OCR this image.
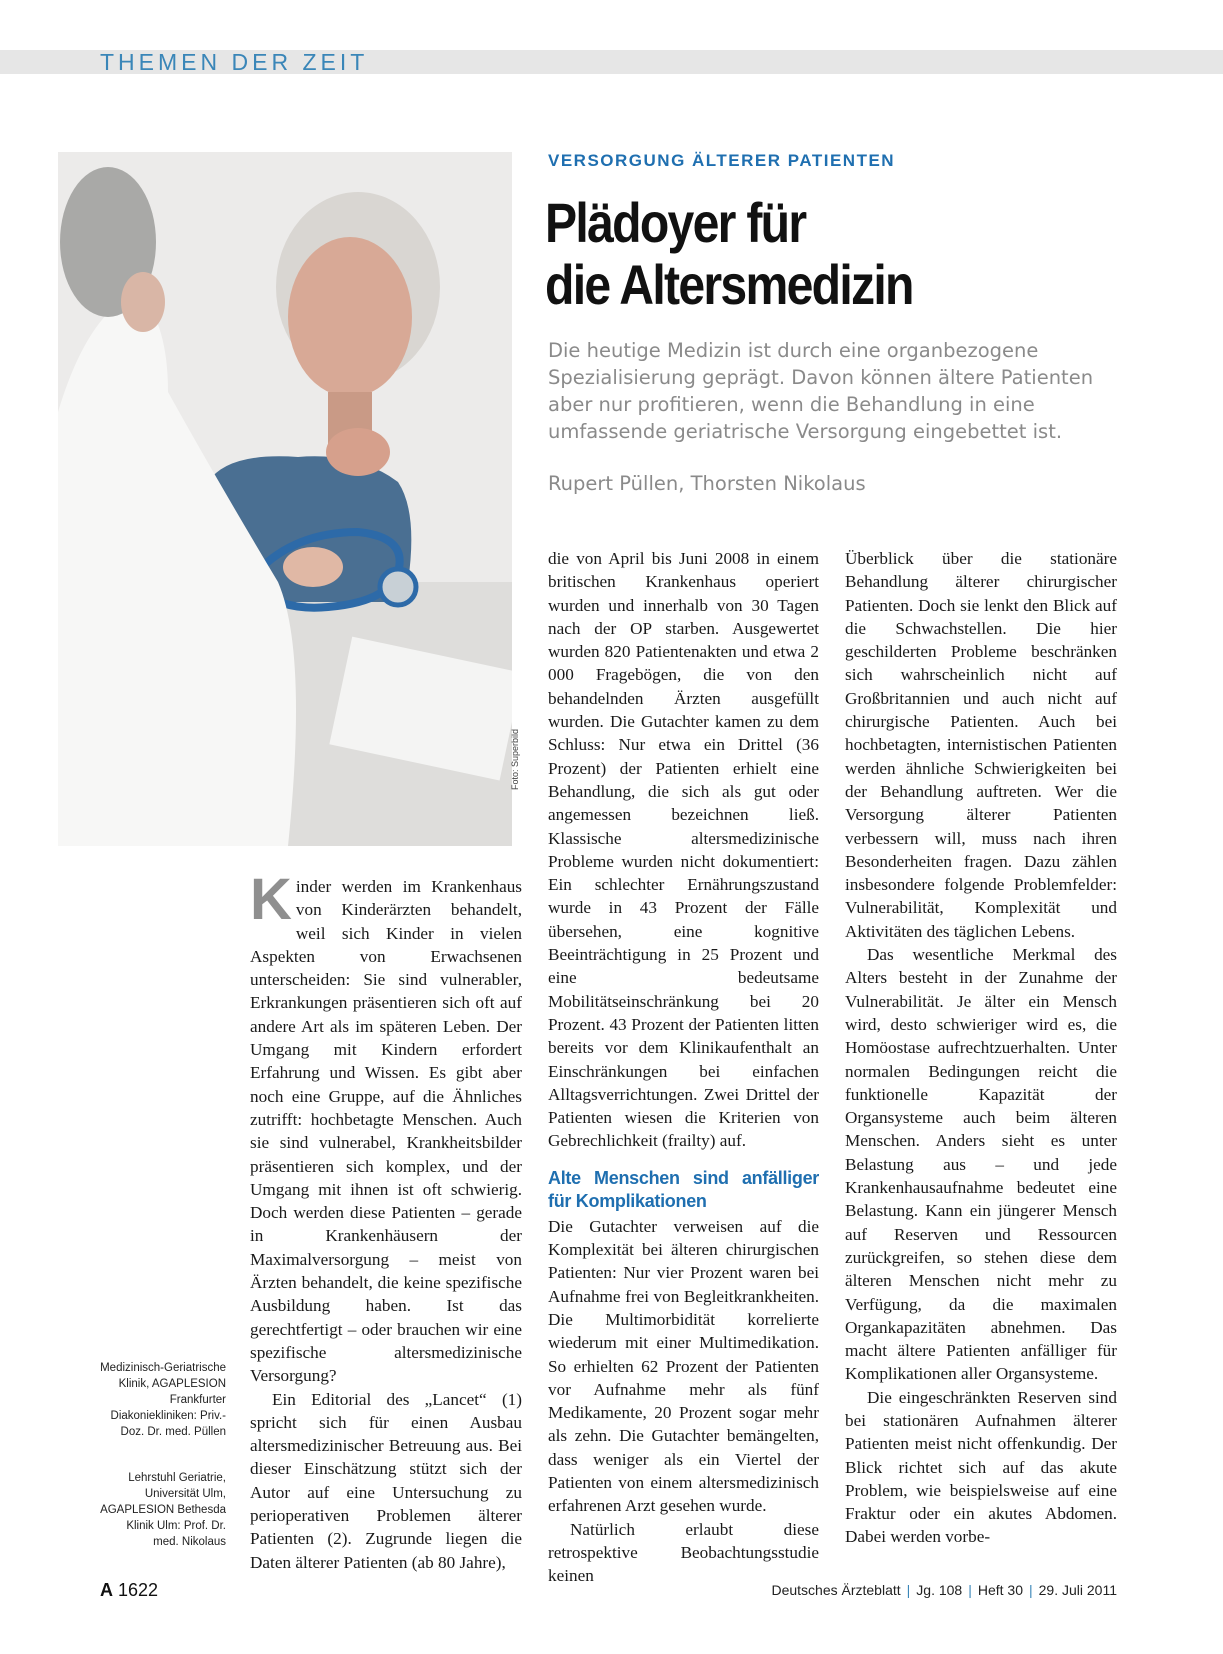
THEMEN DER ZEIT
Foto: Superbild
VERSORGUNG ÄLTERER PATIENTEN
Plädoyer für
die Altersmedizin
Die heutige Medizin ist durch eine organbezogene Spezialisierung geprägt. Davon können ältere Patienten aber nur profitieren, wenn die Behandlung in eine umfassende geriatrische Versorgung eingebettet ist.
Rupert Püllen, Thorsten Nikolaus

Kinder werden im Krankenhaus von Kinderärzten behandelt, weil sich Kinder in vielen Aspekten von Erwachsenen unterscheiden: Sie sind vulnerabler, Erkrankungen präsentieren sich oft auf andere Art als im späteren Leben. Der Umgang mit Kindern erfordert Erfahrung und Wissen. Es gibt aber noch eine Gruppe, auf die Ähnliches zutrifft: hochbetagte Menschen. Auch sie sind vulnerabel, Krankheitsbilder präsentieren sich komplex, und der Umgang mit ihnen ist oft schwierig. Doch werden diese Patienten – gerade in Krankenhäusern der Maximalversorgung – meist von Ärzten behandelt, die keine spezifische Ausbildung haben. Ist das gerechtfertigt – oder brauchen wir eine spezifische altersmedizinische Versorgung?

Ein Editorial des „Lancet“ (1) spricht sich für einen Ausbau altersmedizinischer Betreuung aus. Bei dieser Einschätzung stützt sich der Autor auf eine Untersuchung zu perioperativen Problemen älterer Patienten (2). Zugrunde liegen die Daten älterer Patienten (ab 80 Jahre),

die von April bis Juni 2008 in einem britischen Krankenhaus operiert wurden und innerhalb von 30 Tagen nach der OP starben. Ausgewertet wurden 820 Patientenakten und etwa 2 000 Fragebögen, die von den behandelnden Ärzten ausgefüllt wurden. Die Gutachter kamen zu dem Schluss: Nur etwa ein Drittel (36 Prozent) der Patienten erhielt eine Behandlung, die sich als gut oder angemessen bezeichnen ließ. Klassische altersmedizinische Probleme wurden nicht dokumentiert: Ein schlechter Ernährungszustand wurde in 43 Prozent der Fälle übersehen, eine kognitive Beeinträchtigung in 25 Prozent und eine bedeutsame Mobilitätseinschränkung bei 20 Prozent. 43 Prozent der Patienten litten bereits vor dem Klinikaufenthalt an Einschränkungen bei einfachen Alltagsverrichtungen. Zwei Drittel der Patienten wiesen die Kriterien von Gebrechlichkeit (frailty) auf.

Alte Menschen sind anfälliger für Komplikationen

Die Gutachter verweisen auf die Komplexität bei älteren chirurgischen Patienten: Nur vier Prozent waren bei Aufnahme frei von Begleitkrankheiten. Die Multimorbidität korrelierte wiederum mit einer Multimedikation. So erhielten 62 Prozent der Patienten vor Aufnahme mehr als fünf Medikamente, 20 Prozent sogar mehr als zehn. Die Gutachter bemängelten, dass weniger als ein Viertel der Patienten von einem altersmedizinisch erfahrenen Arzt gesehen wurde.

Natürlich erlaubt diese retrospektive Beobachtungsstudie keinen

Überblick über die stationäre Behandlung älterer chirurgischer Patienten. Doch sie lenkt den Blick auf die Schwachstellen. Die hier geschilderten Probleme beschränken sich wahrscheinlich nicht auf Großbritannien und auch nicht auf chirurgische Patienten. Auch bei hochbetagten, internistischen Patienten werden ähnliche Schwierigkeiten bei der Behandlung auftreten. Wer die Versorgung älterer Patienten verbessern will, muss nach ihren Besonderheiten fragen. Dazu zählen insbesondere folgende Problemfelder: Vulnerabilität, Komplexität und Aktivitäten des täglichen Lebens.

Das wesentliche Merkmal des Alters besteht in der Zunahme der Vulnerabilität. Je älter ein Mensch wird, desto schwieriger wird es, die Homöostase aufrechtzuerhalten. Unter normalen Bedingungen reicht die funktionelle Kapazität der Organsysteme auch beim älteren Menschen. Anders sieht es unter Belastung aus – und jede Krankenhausaufnahme bedeutet eine Belastung. Kann ein jüngerer Mensch auf Reserven und Ressourcen zurückgreifen, so stehen diese dem älteren Menschen nicht mehr zu Verfügung, da die maximalen Organkapazitäten abnehmen. Das macht ältere Patienten anfälliger für Komplikationen aller Organsysteme.

Die eingeschränkten Reserven sind bei stationären Aufnahmen älterer Patienten meist nicht offenkundig. Der Blick richtet sich auf das akute Problem, wie beispielsweise auf eine Fraktur oder ein akutes Abdomen. Dabei werden vorbe-

Medizinisch-Geriatrische Klinik, AGAPLESION Frankfurter Diakoniekliniken: Priv.-Doz. Dr. med. Püllen
Lehrstuhl Geriatrie, Universität Ulm, AGAPLESION Bethesda Klinik Ulm: Prof. Dr. med. Nikolaus
A 1622	Deutsches Ärzteblatt | Jg. 108 | Heft 30 | 29. Juli 2011
